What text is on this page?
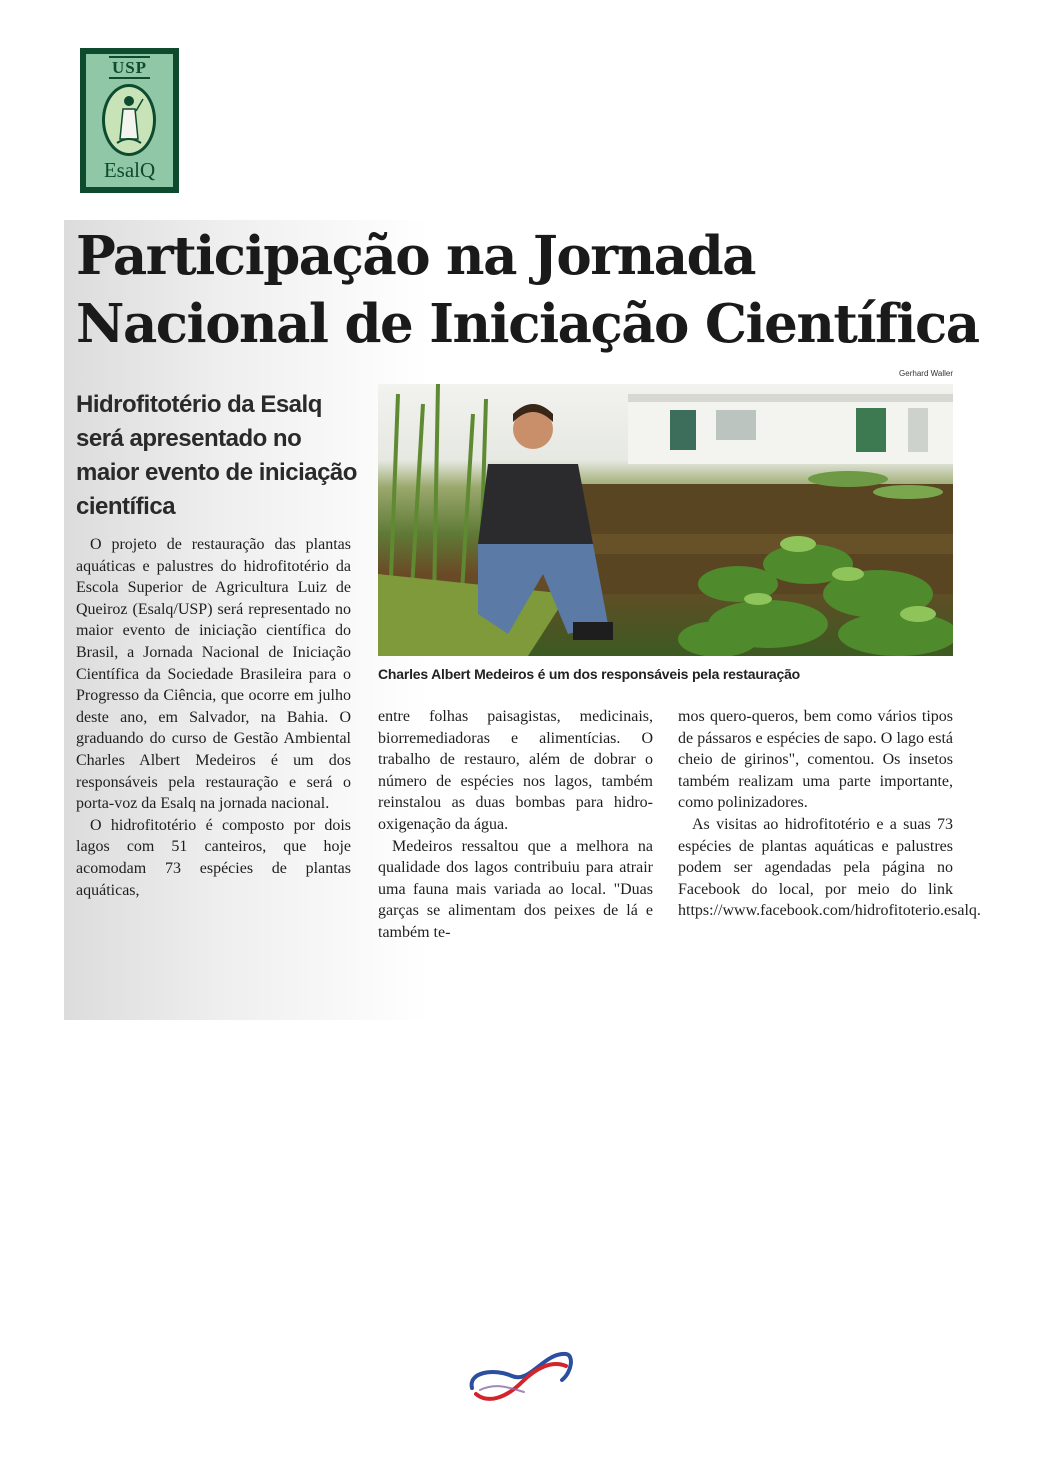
USP
EsalQ
Participação na Jornada
Nacional de Iniciação Científica
Gerhard Waller
Hidrofitotério da Esalq será apresentado no maior evento de iniciação científica

Charles Albert Medeiros é um dos responsáveis pela restauração

O projeto de restauração das plantas aquáticas e palustres do hidrofitotério da Escola Superior de Agricultura Luiz de Queiroz (Esalq/USP) será representado no maior evento de iniciação científica do Brasil, a Jornada Nacional de Iniciação Científica da Sociedade Brasileira para o Progresso da Ciência, que ocorre em julho deste ano, em Salvador, na Bahia. O graduando do curso de Gestão Ambiental Charles Albert Medeiros é um dos responsáveis pela restauração e será o porta-voz da Esalq na jornada nacional.

O hidrofitotério é composto por dois lagos com 51 canteiros, que hoje acomodam 73 espécies de plantas aquáticas,

entre folhas paisagistas, medicinais, biorremediadoras e alimentícias. O trabalho de restauro, além de dobrar o número de espécies nos lagos, também reinstalou as duas bombas para hidro-oxigenação da água.

Medeiros ressaltou que a melhora na qualidade dos lagos contribuiu para atrair uma fauna mais variada ao local. "Duas garças se alimentam dos peixes de lá e também te-

mos quero-queros, bem como vários tipos de pássaros e espécies de sapo. O lago está cheio de girinos", comentou. Os insetos também realizam uma parte importante, como polinizadores.

As visitas ao hidrofitotério e a suas 73 espécies de plantas aquáticas e palustres podem ser agendadas pela página no Facebook do local, por meio do link https://www.facebook.com/hidrofitoterio.esalq.
